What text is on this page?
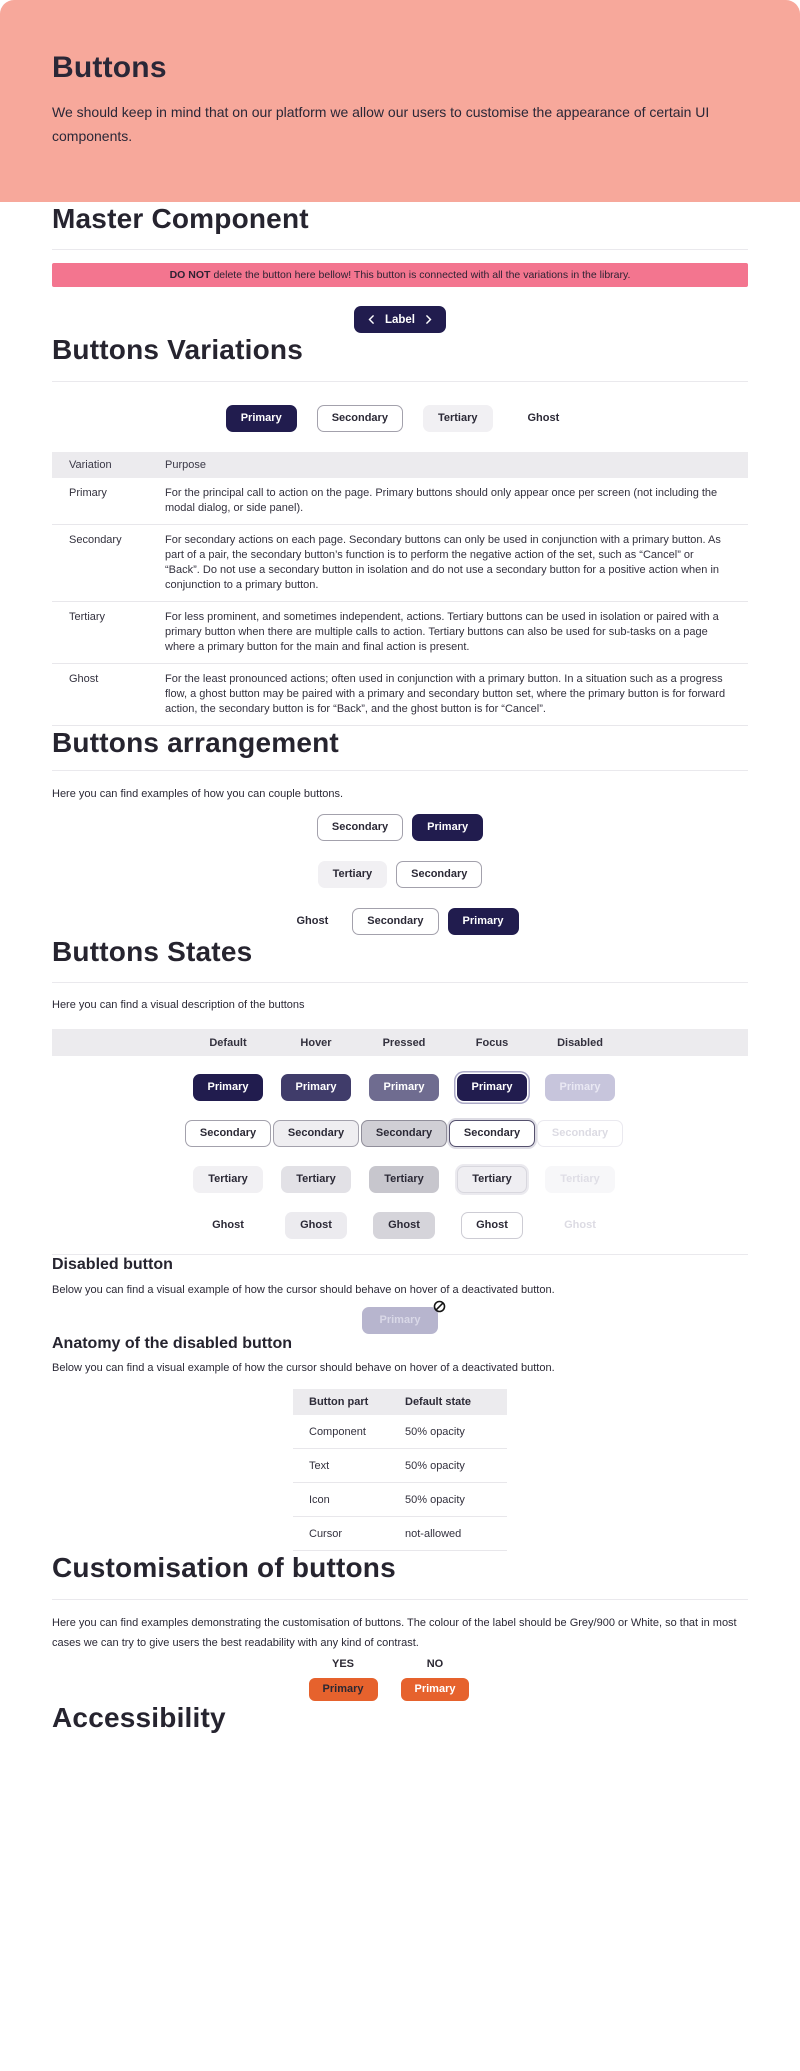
Buttons

We should keep in mind that on our platform we allow our users to customise the appearance of certain UI components.

Master Component
DO NOT delete the button here bellow! This button is connected with all the variations in the library.
Label
Buttons Variations
Primary	Secondary	Tertiary	Ghost
Variation	Purpose
Primary	For the principal call to action on the page. Primary buttons should only appear once per screen (not including the modal dialog, or side panel).
Secondary	For secondary actions on each page. Secondary buttons can only be used in conjunction with a primary button. As part of a pair, the secondary button’s function is to perform the negative action of the set, such as “Cancel” or “Back”. Do not use a secondary button in isolation and do not use a secondary button for a positive action when in conjunction to a primary button.
Tertiary	For less prominent, and sometimes independent, actions. Tertiary buttons can be used in isolation or paired with a primary button when there are multiple calls to action. Tertiary buttons can also be used for sub-tasks on a page where a primary button for the main and final action is present.
Ghost	For the least pronounced actions; often used in conjunction with a primary button. In a situation such as a progress flow, a ghost button may be paired with a primary and secondary button set, where the primary button is for forward action, the secondary button is for “Back”, and the ghost button is for “Cancel”.
Buttons arrangement

Here you can find examples of how you can couple buttons.

Secondary	Primary
Tertiary	Secondary
Ghost	Secondary	Primary
Buttons States

Here you can find a visual description of the buttons

Default	Hover	Pressed	Focus	Disabled
Primary	Primary	Primary	Primary	Primary
Secondary	Secondary	Secondary	Secondary	Secondary
Tertiary	Tertiary	Tertiary	Tertiary	Tertiary
Ghost	Ghost	Ghost	Ghost	Ghost
Disabled button

Below you can find a visual example of how the cursor should behave on hover of a deactivated button.

Primary
Anatomy of the disabled button

Below you can find a visual example of how the cursor should behave on hover of a deactivated button.

Button part	Default state
Component	50% opacity
Text	50% opacity
Icon	50% opacity
Cursor	not-allowed
Customisation of buttons

Here you can find examples demonstrating the customisation of buttons. The colour of the label should be Grey/900 or White, so that in most cases we can try to give users the best readability with any kind of contrast.

YES
Primary
NO
Primary
Accessibility
